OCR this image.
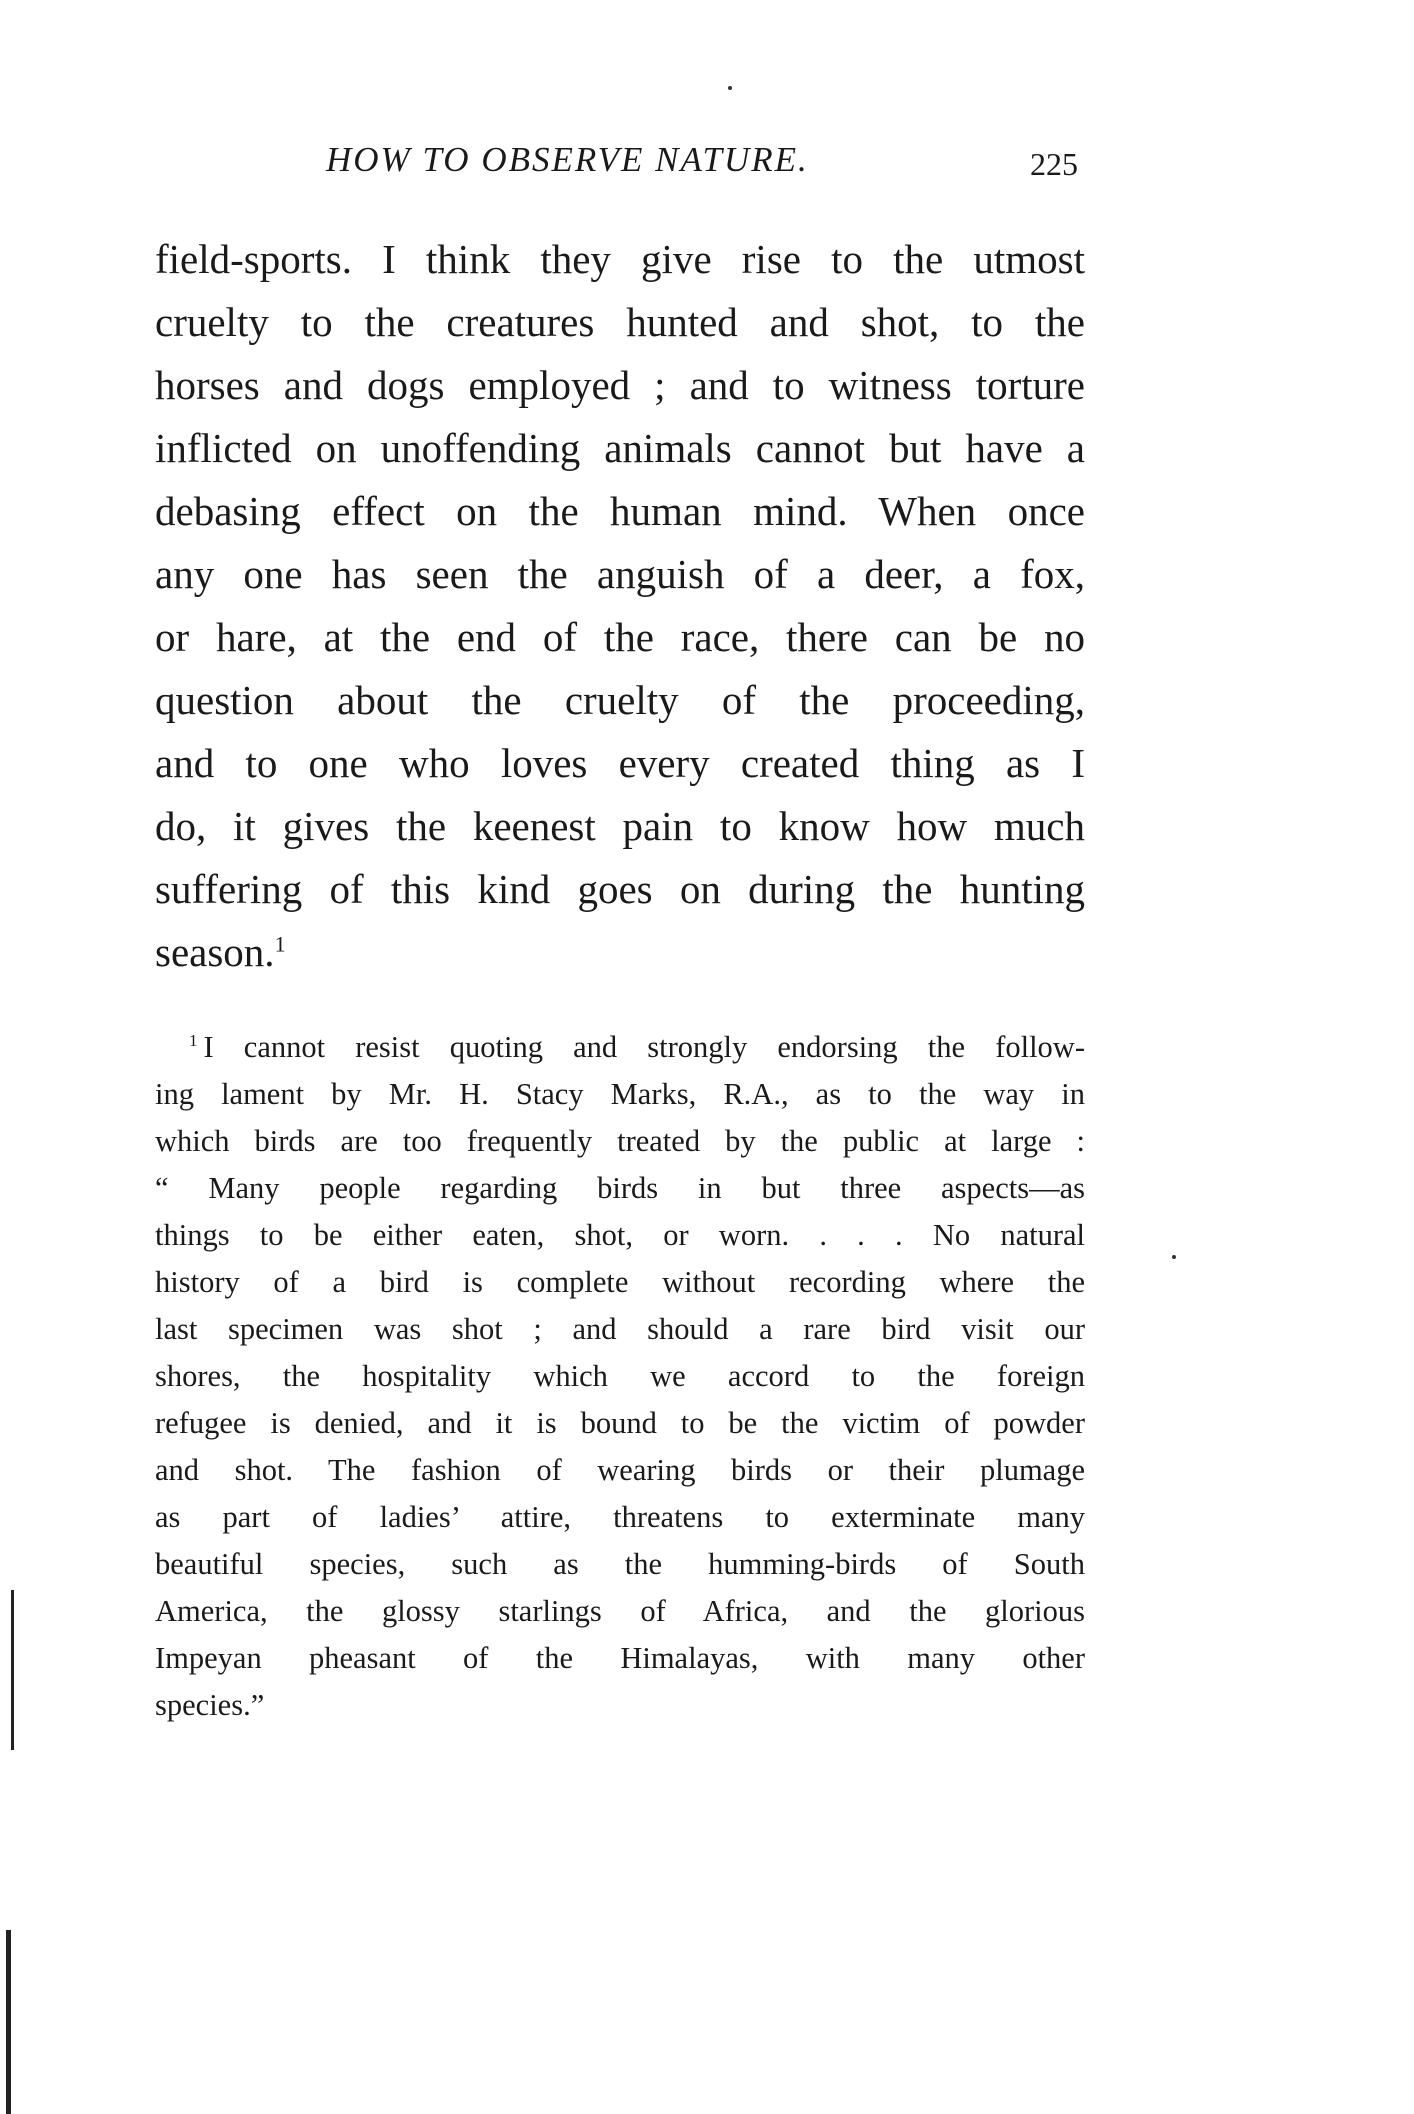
HOW TO OBSERVE NATURE.	225
field-sports. I think they give rise to the utmost
cruelty to the creatures hunted and shot, to the
horses and dogs employed ; and to witness torture
inflicted on unoffending animals cannot but have a
debasing effect on the human mind. When once
any one has seen the anguish of a deer, a fox,
or hare, at the end of the race, there can be no
question about the cruelty of the proceeding,
and to one who loves every created thing as I
do, it gives the keenest pain to know how much
suffering of this kind goes on during the hunting
season.$^1$
$^1$ I cannot resist quoting and strongly endorsing the follow-
ing lament by Mr. H. Stacy Marks, R.A., as to the way in
which birds are too frequently treated by the public at large :
“ Many people regarding birds in but three aspects—as
things to be either eaten, shot, or worn. . . . No natural
history of a bird is complete without recording where the
last specimen was shot ; and should a rare bird visit our
shores, the hospitality which we accord to the foreign
refugee is denied, and it is bound to be the victim of powder
and shot. The fashion of wearing birds or their plumage
as part of ladies’ attire, threatens to exterminate many
beautiful species, such as the humming-birds of South
America, the glossy starlings of Africa, and the glorious
Impeyan pheasant of the Himalayas, with many other
species.”
